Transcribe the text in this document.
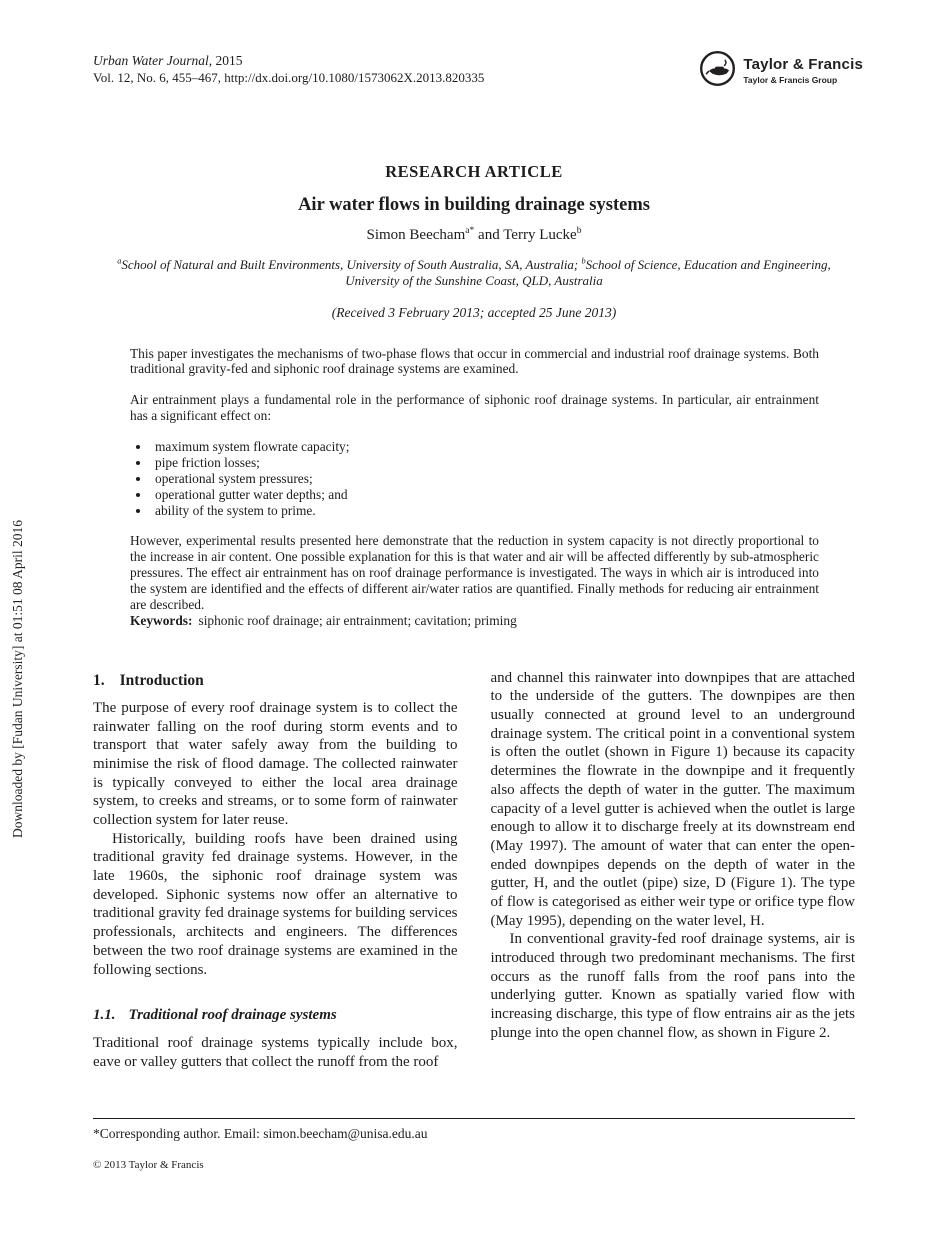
Downloaded by [Fudan University] at 01:51 08 April 2016
Urban Water Journal, 2015
Vol. 12, No. 6, 455–467, http://dx.doi.org/10.1080/1573062X.2013.820335
Taylor & Francis
Taylor & Francis Group
RESEARCH ARTICLE
Air water flows in building drainage systems
Simon Beecham$^{a*}$ and Terry Lucke$^b$
$^a$School of Natural and Built Environments, University of South Australia, SA, Australia; $^b$School of Science, Education and Engineering, University of the Sunshine Coast, QLD, Australia
(Received 3 February 2013; accepted 25 June 2013)

This paper investigates the mechanisms of two-phase flows that occur in commercial and industrial roof drainage systems. Both traditional gravity-fed and siphonic roof drainage systems are examined.

Air entrainment plays a fundamental role in the performance of siphonic roof drainage systems. In particular, air entrainment has a significant effect on:

• maximum system flowrate capacity;
• pipe friction losses;
• operational system pressures;
• operational gutter water depths; and
• ability of the system to prime.

However, experimental results presented here demonstrate that the reduction in system capacity is not directly proportional to the increase in air content. One possible explanation for this is that water and air will be affected differently by sub-atmospheric pressures. The effect air entrainment has on roof drainage performance is investigated. The ways in which air is introduced into the system are identified and the effects of different air/water ratios are quantified. Finally methods for reducing air entrainment are described.

Keywords: siphonic roof drainage; air entrainment; cavitation; priming

1. Introduction

The purpose of every roof drainage system is to collect the rainwater falling on the roof during storm events and to transport that water safely away from the building to minimise the risk of flood damage. The collected rainwater is typically conveyed to either the local area drainage system, to creeks and streams, or to some form of rainwater collection system for later reuse.

Historically, building roofs have been drained using traditional gravity fed drainage systems. However, in the late 1960s, the siphonic roof drainage system was developed. Siphonic systems now offer an alternative to traditional gravity fed drainage systems for building services professionals, architects and engineers. The differences between the two roof drainage systems are examined in the following sections.

1.1. Traditional roof drainage systems

Traditional roof drainage systems typically include box, eave or valley gutters that collect the runoff from the roof

and channel this rainwater into downpipes that are attached to the underside of the gutters. The downpipes are then usually connected at ground level to an underground drainage system. The critical point in a conventional system is often the outlet (shown in Figure 1) because its capacity determines the flowrate in the downpipe and it frequently also affects the depth of water in the gutter. The maximum capacity of a level gutter is achieved when the outlet is large enough to allow it to discharge freely at its downstream end (May 1997). The amount of water that can enter the open-ended downpipes depends on the depth of water in the gutter, H, and the outlet (pipe) size, D (Figure 1). The type of flow is categorised as either weir type or orifice type flow (May 1995), depending on the water level, H.

In conventional gravity-fed roof drainage systems, air is introduced through two predominant mechanisms. The first occurs as the runoff falls from the roof pans into the underlying gutter. Known as spatially varied flow with increasing discharge, this type of flow entrains air as the jets plunge into the open channel flow, as shown in Figure 2.

*Corresponding author. Email: simon.beecham@unisa.edu.au
© 2013 Taylor & Francis
